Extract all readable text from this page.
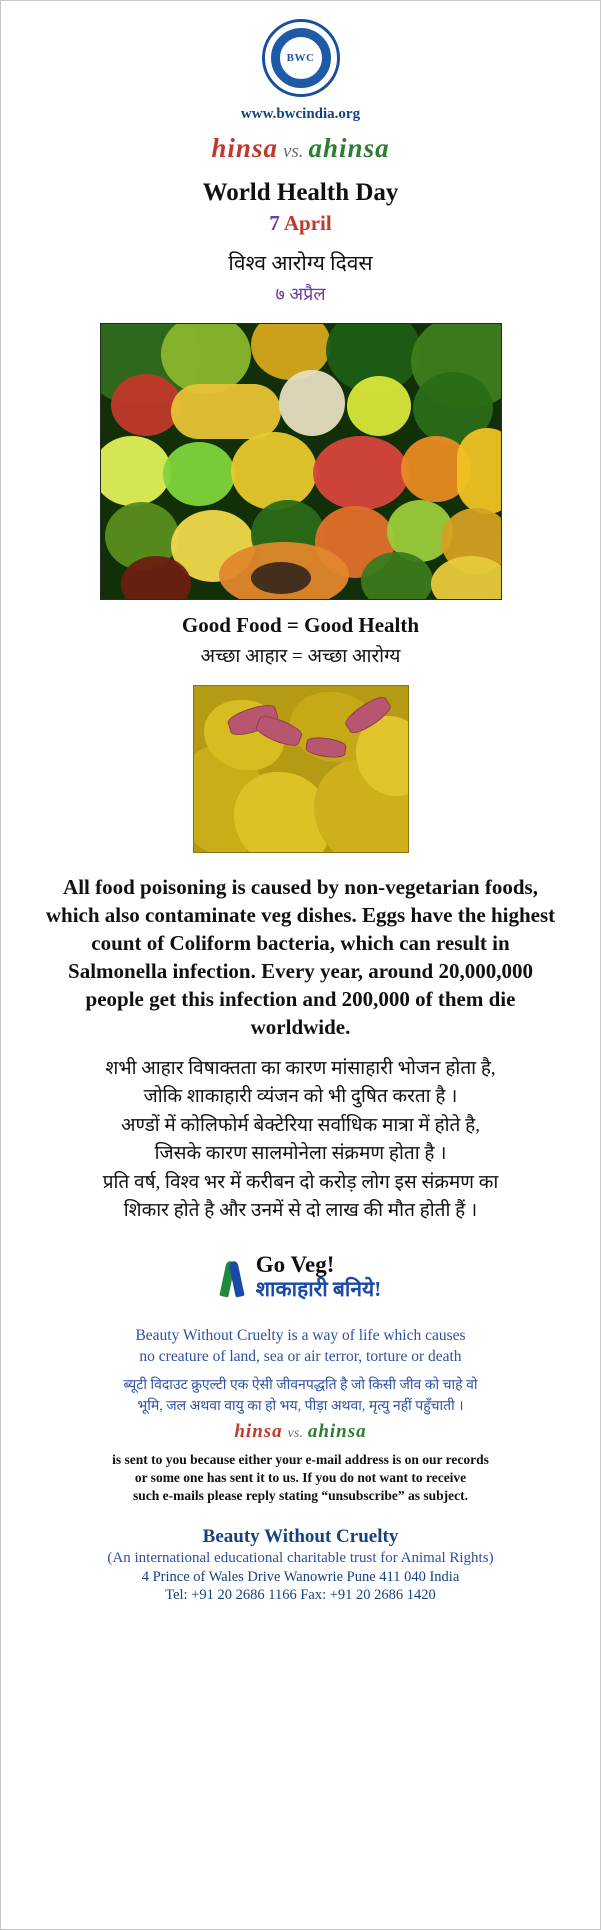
BWC
www.bwcindia.org
hinsa vs. ahinsa
World Health Day
7 April
विश्व आरोग्य दिवस
७ अप्रैल
Good Food = Good Health
अच्छा आहार = अच्छा आरोग्य
All food poisoning is caused by non-vegetarian foods, which also contaminate veg dishes. Eggs have the highest count of Coliform bacteria, which can result in Salmonella infection. Every year, around 20,000,000 people get this infection and 200,000 of them die worldwide.
शभी आहार विषाक्तता का कारण मांसाहारी भोजन होता है,
जोकि शाकाहारी व्यंजन को भी दुषित करता है ।
अण्डों में कोलिफोर्म बेक्टेरिया सर्वाधिक मात्रा में होते है,
जिसके कारण सालमोनेला संक्रमण होता है ।
प्रति वर्ष, विश्व भर में करीबन दो करोड़ लोग इस संक्रमण का
शिकार होते है और उनमें से दो लाख की मौत होती हैं ।
Go Veg!
शाकाहारी बनिये!
Beauty Without Cruelty is a way of life which causes
no creature of land, sea or air terror, torture or death
ब्यूटी विदाउट क्रुएल्टी एक ऐसी जीवनपद्धति है जो किसी जीव को चाहे वो
भूमि, जल अथवा वायु का हो भय, पीड़ा अथवा, मृत्यु नहीं पहुँचाती ।
hinsa vs. ahinsa
is sent to you because either your e-mail address is on our records
or some one has sent it to us. If you do not want to receive
such e-mails please reply stating “unsubscribe” as subject.
Beauty Without Cruelty
(An international educational charitable trust for Animal Rights)
4 Prince of Wales Drive Wanowrie Pune 411 040 India
Tel: +91 20 2686 1166 Fax: +91 20 2686 1420
